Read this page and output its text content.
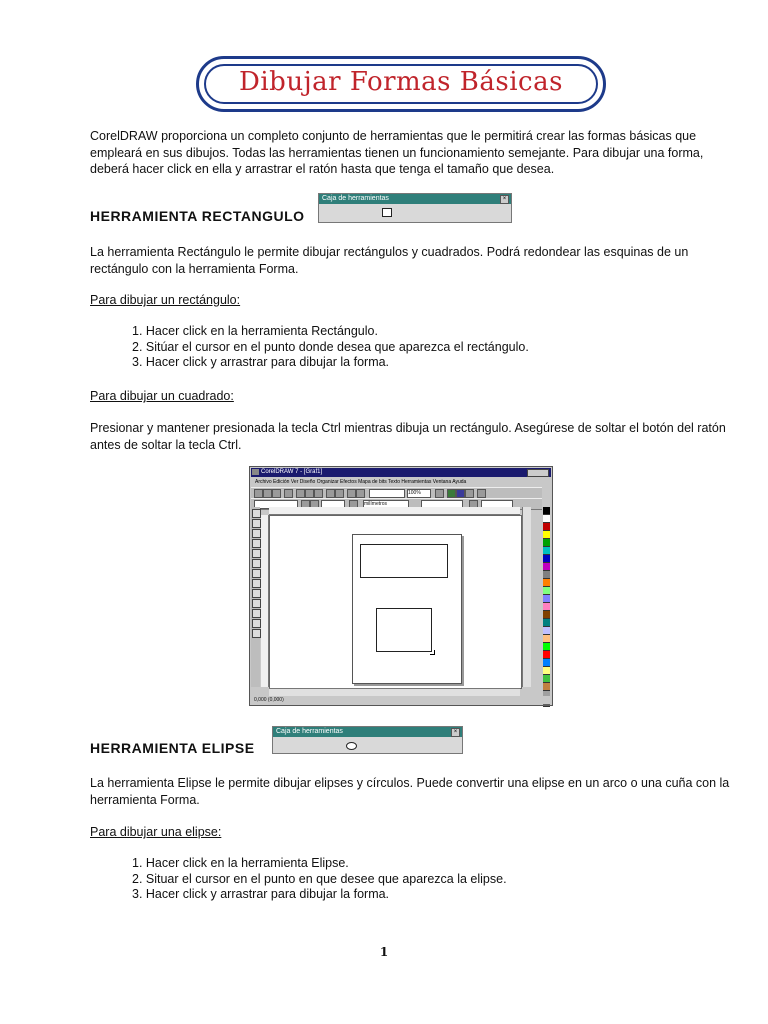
Dibujar Formas Básicas
CorelDRAW proporciona un completo conjunto de herramientas que le permitirá crear las formas básicas que empleará en sus dibujos. Todas las herramientas tienen un funcionamiento semejante. Para dibujar una forma, deberá hacer click en ella y arrastrar el ratón hasta que tenga el tamaño que desea.
HERRAMIENTA RECTANGULO
Caja de herramientas	×
La herramienta Rectángulo le permite dibujar rectángulos y cuadrados. Podrá redondear las esquinas de un rectángulo con la herramienta Forma.
Para dibujar un rectángulo:
1. Hacer click en la herramienta Rectángulo.
2. Sitúar el cursor en el punto donde desea que aparezca el rectángulo.
3. Hacer click y arrastrar para dibujar la forma.
Para dibujar un cuadrado:
Presionar y mantener presionada la tecla Ctrl mientras dibuja un rectángulo. Asegúrese de soltar el botón del ratón antes de soltar la tecla Ctrl.
CorelDRAW 7 - [Graf1]
Archivo Edición Ver Diseño Organizar Efectos Mapa de bits Texto Herramientas Ventana Ayuda
100%
milímetros
0,000 (0,000)
HERRAMIENTA ELIPSE
Caja de herramientas	×
La herramienta Elipse le permite dibujar elipses y círculos. Puede convertir una elipse en un arco o una cuña con la herramienta Forma.
Para dibujar una elipse:
1. Hacer click en la herramienta Elipse.
2. Situar el cursor en el punto en que desee que aparezca la elipse.
3. Hacer click y arrastrar para dibujar la forma.
1
